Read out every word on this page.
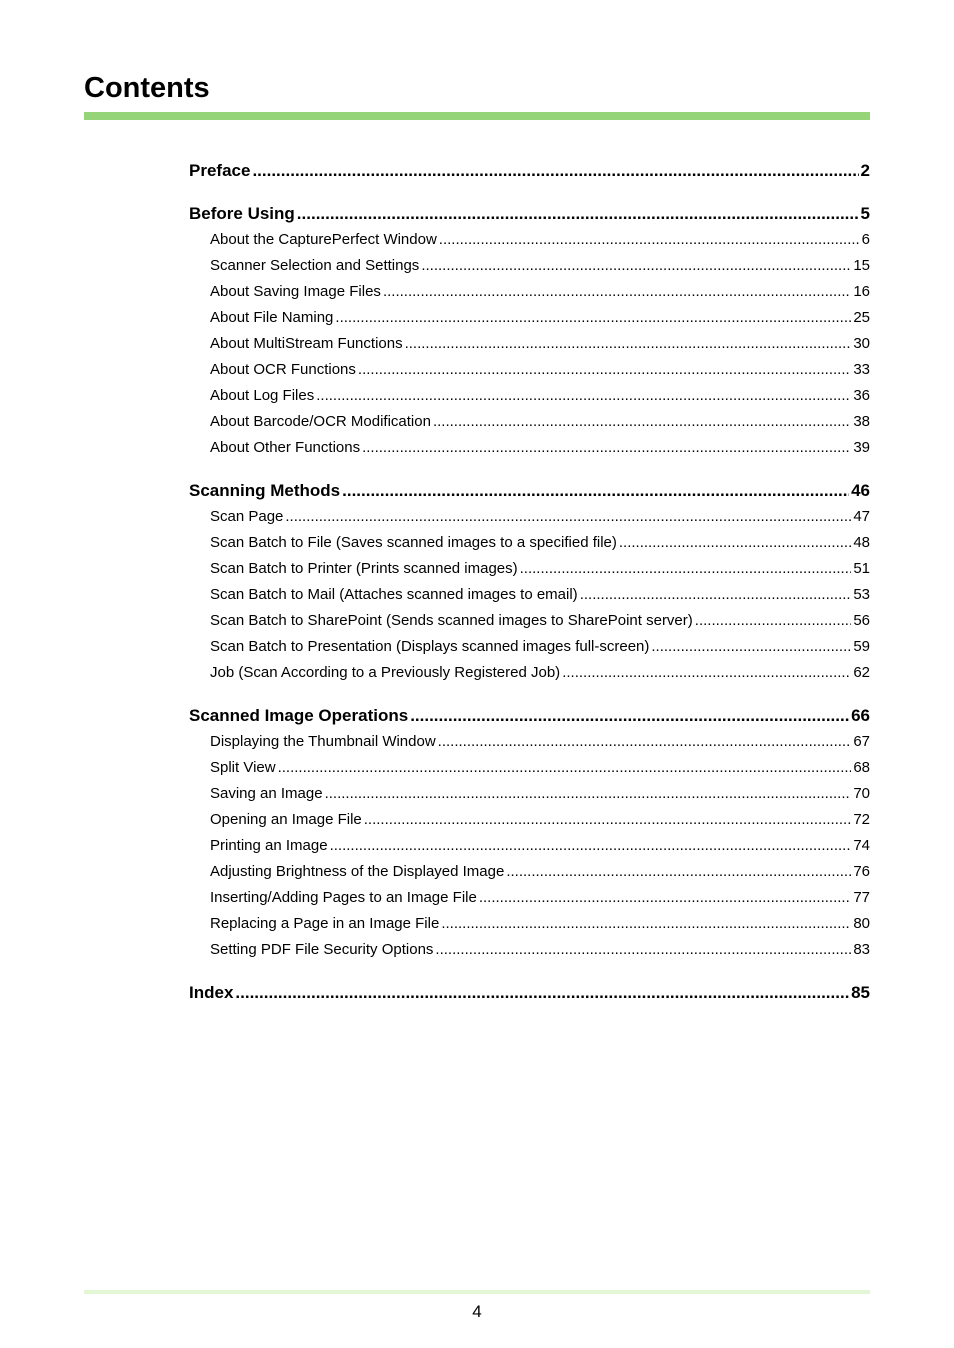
Contents
Preface .....	2
Before Using .....	5
About the CapturePerfect Window .....	6
Scanner Selection and Settings .....	15
About Saving Image Files .....	16
About File Naming .....	25
About MultiStream Functions .....	30
About OCR Functions .....	33
About Log Files .....	36
About Barcode/OCR Modification .....	38
About Other Functions .....	39
Scanning Methods .....	46
Scan Page .....	47
Scan Batch to File (Saves scanned images to a specified file) .....	48
Scan Batch to Printer (Prints scanned images) .....	51
Scan Batch to Mail (Attaches scanned images to email) .....	53
Scan Batch to SharePoint (Sends scanned images to SharePoint server) .....	56
Scan Batch to Presentation (Displays scanned images full-screen) .....	59
Job (Scan According to a Previously Registered Job) .....	62
Scanned Image Operations .....	66
Displaying the Thumbnail Window .....	67
Split View .....	68
Saving an Image .....	70
Opening an Image File .....	72
Printing an Image .....	74
Adjusting Brightness of the Displayed Image .....	76
Inserting/Adding Pages to an Image File .....	77
Replacing a Page in an Image File .....	80
Setting PDF File Security Options .....	83
Index .....	85
4
